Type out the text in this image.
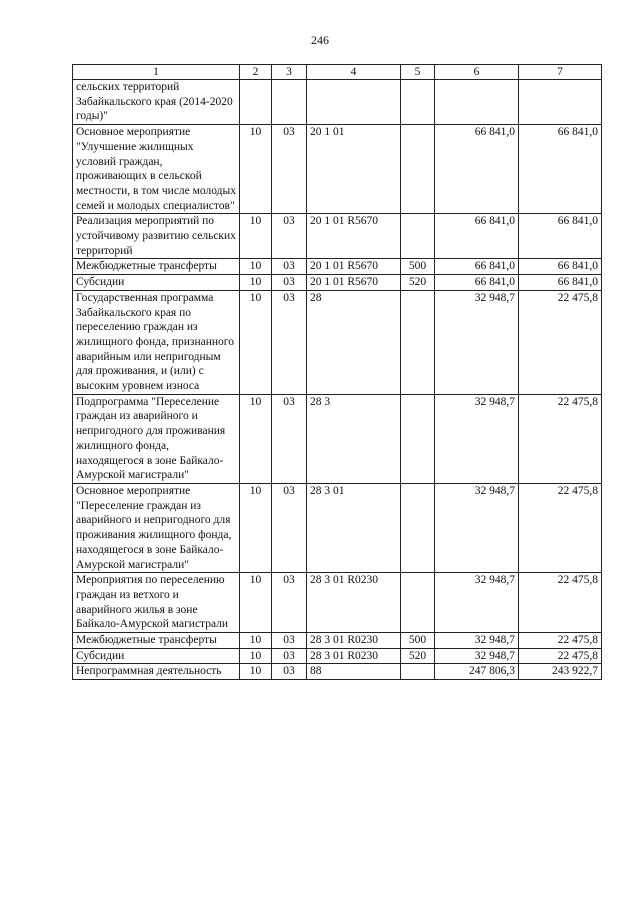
246
1	2	3	4	5	6	7
сельских территорий Забайкальского края (2014-2020 годы)"						
Основное мероприятие "Улучшение жилищных условий граждан, проживающих в сельской местности, в том числе молодых семей и молодых специалистов"	10	03	20 1 01		66 841,0	66 841,0
Реализация мероприятий по устойчивому развитию сельских территорий	10	03	20 1 01 R5670		66 841,0	66 841,0
Межбюджетные трансферты	10	03	20 1 01 R5670	500	66 841,0	66 841,0
Субсидии	10	03	20 1 01 R5670	520	66 841,0	66 841,0
Государственная программа Забайкальского края по переселению граждан из жилищного фонда, признанного аварийным или непригодным для проживания, и (или) с высоким уровнем износа	10	03	28		32 948,7	22 475,8
Подпрограмма "Переселение граждан из аварийного и непригодного для проживания жилищного фонда, находящегося в зоне Байкало-Амурской магистрали"	10	03	28 3		32 948,7	22 475,8
Основное мероприятие "Переселение граждан из аварийного и непригодного для проживания жилищного фонда, находящегося в зоне Байкало-Амурской магистрали"	10	03	28 3 01		32 948,7	22 475,8
Мероприятия по переселению граждан из ветхого и аварийного жилья в зоне Байкало-Амурской магистрали	10	03	28 3 01 R0230		32 948,7	22 475,8
Межбюджетные трансферты	10	03	28 3 01 R0230	500	32 948,7	22 475,8
Субсидии	10	03	28 3 01 R0230	520	32 948,7	22 475,8
Непрограммная деятельность	10	03	88		247 806,3	243 922,7
